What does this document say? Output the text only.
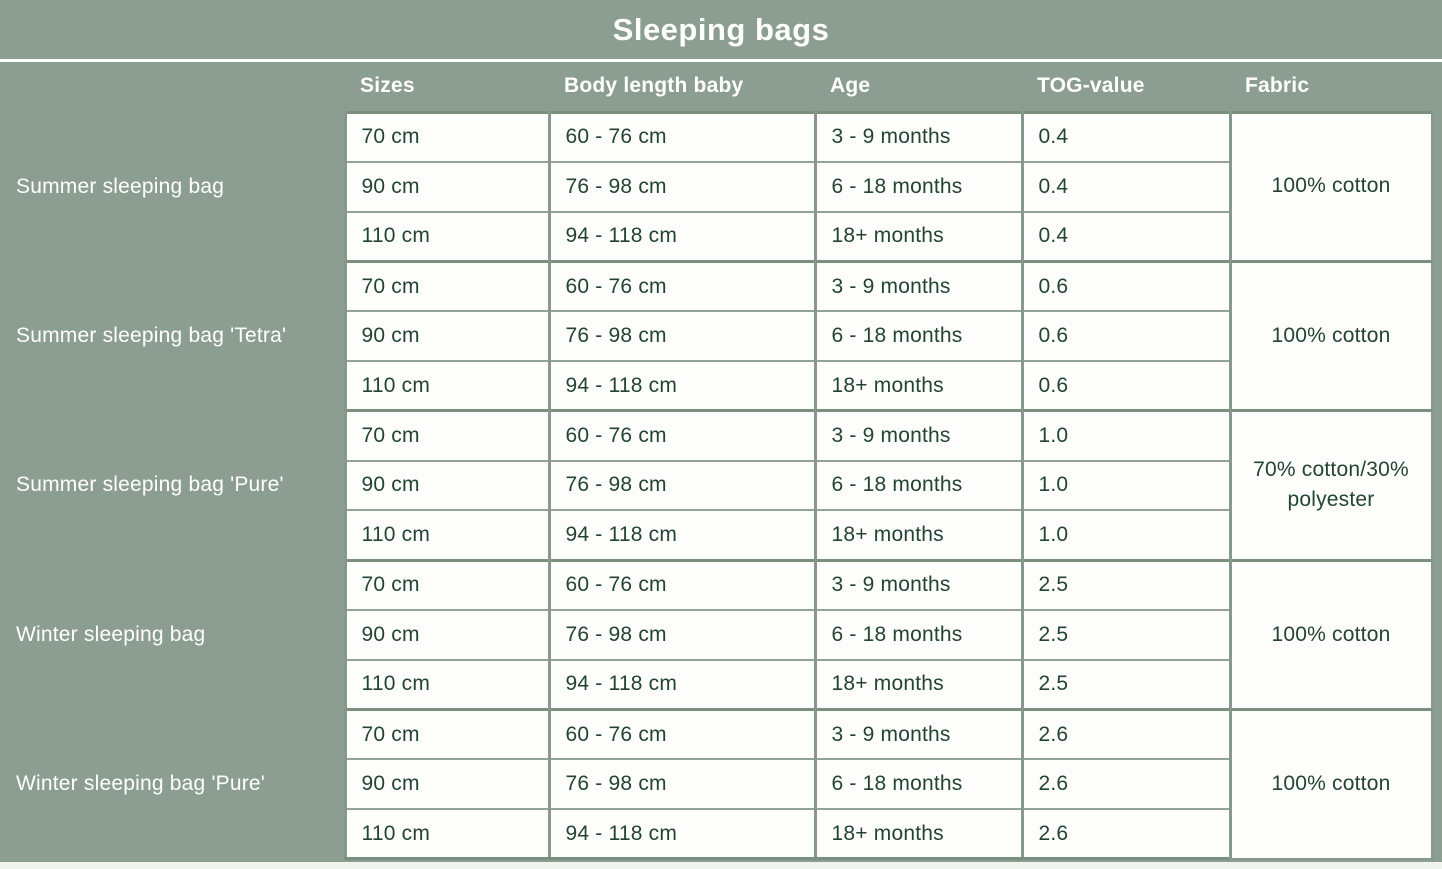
Sleeping bags
	Sizes	Body length baby	Age	TOG-value	Fabric
Summer sleeping bag	70 cm	60 - 76 cm	3 - 9 months	0.4	100% cotton
	90 cm	76 - 98 cm	6 - 18 months	0.4	
	110 cm	94 - 118 cm	18+ months	0.4	
Summer sleeping bag 'Tetra'	70 cm	60 - 76 cm	3 - 9 months	0.6	100% cotton
	90 cm	76 - 98 cm	6 - 18 months	0.6	
	110 cm	94 - 118 cm	18+ months	0.6	
Summer sleeping bag 'Pure'	70 cm	60 - 76 cm	3 - 9 months	1.0	70% cotton/30% polyester
	90 cm	76 - 98 cm	6 - 18 months	1.0	
	110 cm	94 - 118 cm	18+ months	1.0	
Winter sleeping bag	70 cm	60 - 76 cm	3 - 9 months	2.5	100% cotton
	90 cm	76 - 98 cm	6 - 18 months	2.5	
	110 cm	94 - 118 cm	18+ months	2.5	
Winter sleeping bag 'Pure'	70 cm	60 - 76 cm	3 - 9 months	2.6	100% cotton
	90 cm	76 - 98 cm	6 - 18 months	2.6	
	110 cm	94 - 118 cm	18+ months	2.6	
